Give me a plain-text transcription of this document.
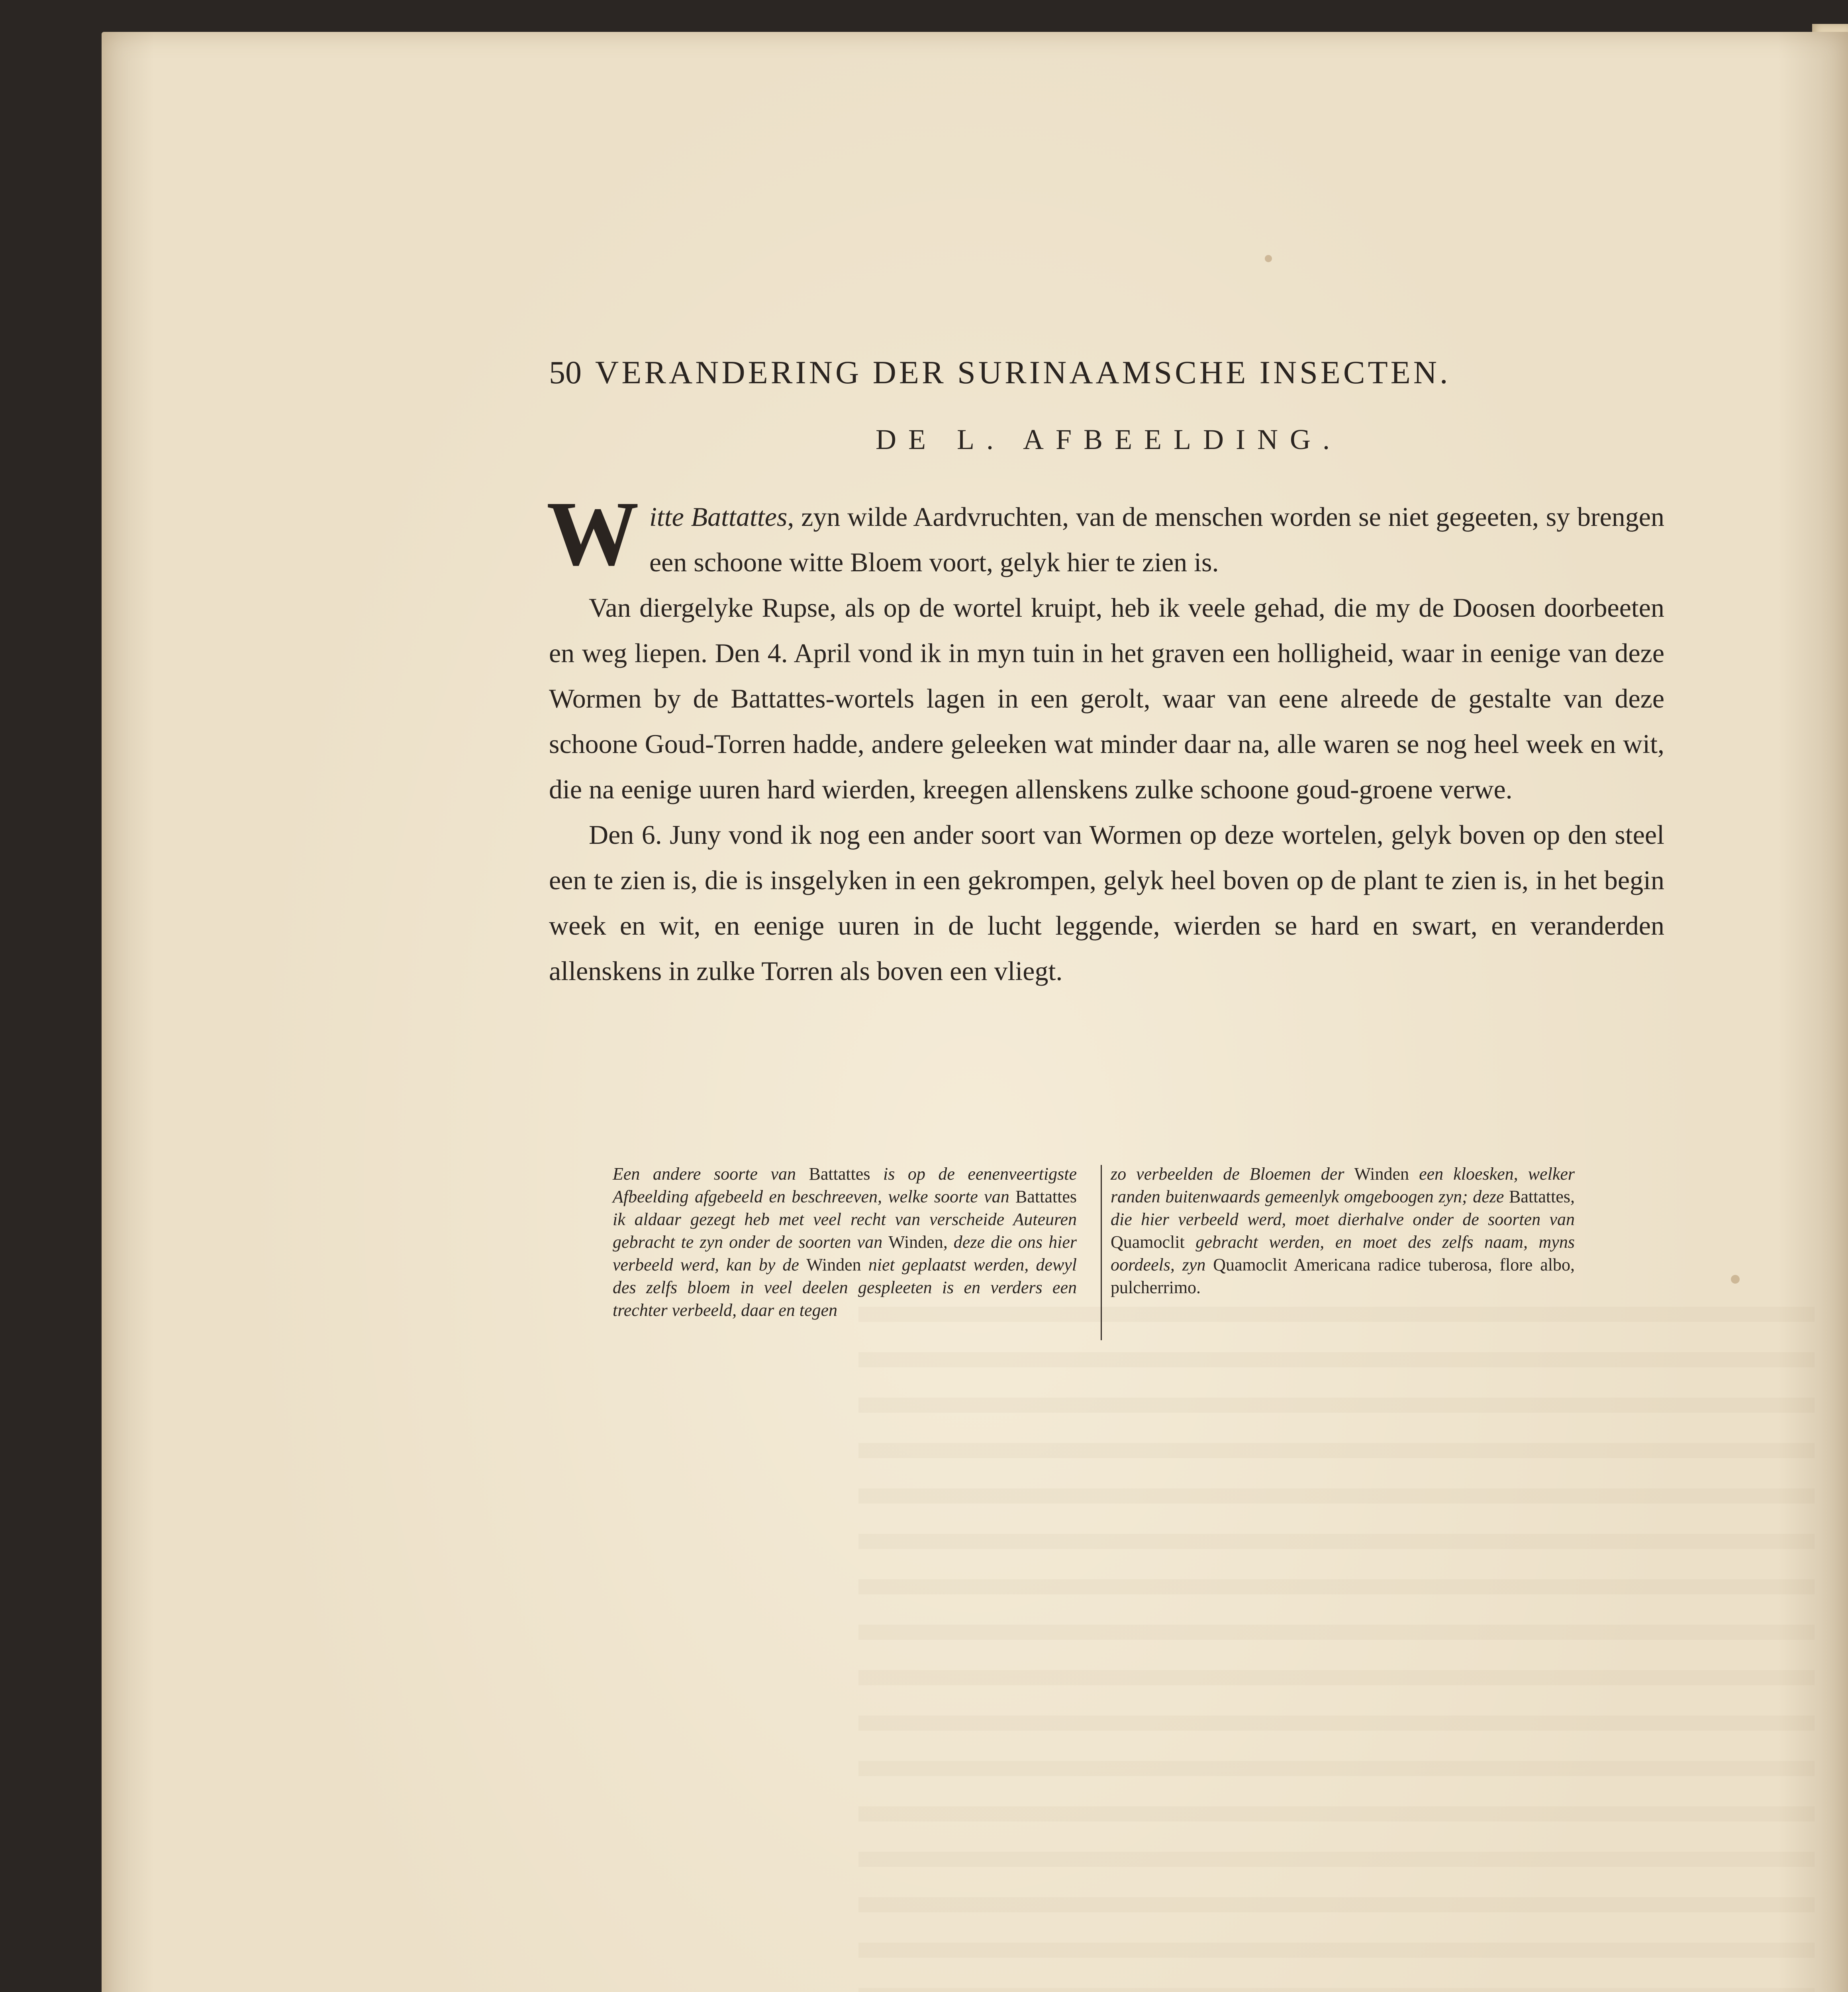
50 VERANDERING DER SURINAAMSCHE INSECTEN.
DE L. AFBEELDING.

Witte Battattes, zyn wilde Aardvruchten, van de menschen worden se niet gegeeten, sy brengen een schoone witte Bloem voort, gelyk hier te zien is.

Van diergelyke Rupse, als op de wortel kruipt, heb ik veele gehad, die my de Doosen doorbeeten en weg liepen. Den 4. April vond ik in myn tuin in het graven een holligheid, waar in eenige van deze Wormen by de Battattes-wortels lagen in een gerolt, waar van eene alreede de gestalte van deze schoone Goud-Torren hadde, andere geleeken wat minder daar na, alle waren se nog heel week en wit, die na eenige uuren hard wierden, kreegen allenskens zulke schoone goud-groene verwe.

Den 6. Juny vond ik nog een ander soort van Wormen op deze wortelen, gelyk boven op den steel een te zien is, die is insgelyken in een gekrompen, gelyk heel boven op de plant te zien is, in het begin week en wit, en eenige uuren in de lucht leggende, wierden se hard en swart, en veranderden allenskens in zulke Torren als boven een vliegt.

Een andere soorte van Battattes is op de eenenveertigste Afbeelding afgebeeld en beschreeven, welke soorte van Battattes ik aldaar gezegt heb met veel recht van verscheide Auteuren gebracht te zyn onder de soorten van Winden, deze die ons hier verbeeld werd, kan by de Winden niet geplaatst werden, dewyl des zelfs bloem in veel deelen gespleeten is en verders een trechter verbeeld, daar en tegen
zo verbeelden de Bloemen der Winden een kloesken, welker randen buitenwaards gemeenlyk omgeboogen zyn; deze Battattes, die hier verbeeld werd, moet dierhalve onder de soorten van Quamoclit gebracht werden, en moet des zelfs naam, myns oordeels, zyn Quamoclit Americana radice tuberosa, flore albo, pulcherrimo.
